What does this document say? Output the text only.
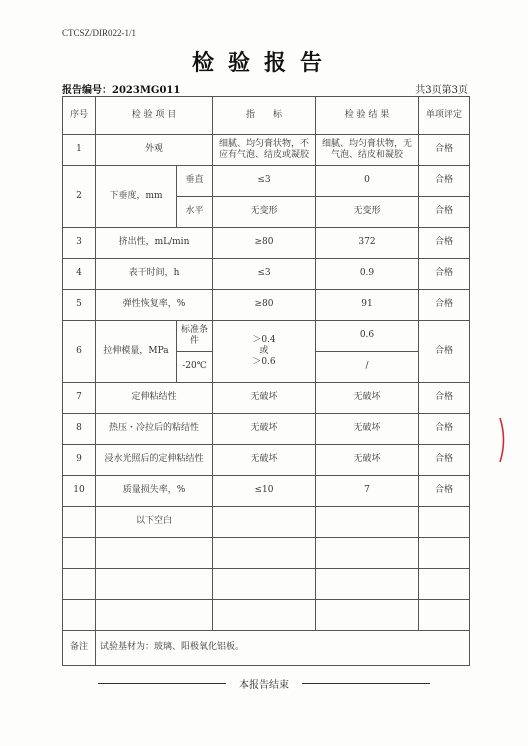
CTCSZ/DIR022-1/1
检验报告
报告编号：2023MG011	共3页第3页
序号	检 验 项 目		指　　标	检 验 结 果	单项评定
1	外观		细腻、均匀膏状物，不应有气泡、结皮或凝胶	细腻、均匀膏状物，无气泡、结皮和凝胶	合格
2	下垂度，mm	垂直	≤3	0	合格
		水平	无变形	无变形	合格
3	挤出性，mL/min		≥80	372	合格
4	表干时间，h		≤3	0.9	合格
5	弹性恢复率，%		≥80	91	合格
6	拉伸模量，MPa	标准条件	＞0.4
或
＞0.6	0.6	合格
		-20℃		/	
7	定伸粘结性		无破坏	无破坏	合格
8	热压・冷拉后的粘结性		无破坏	无破坏	合格
9	浸水光照后的定伸粘结性		无破坏	无破坏	合格
10	质量损失率，%		≤10	7	合格
	以下空白				

备注	试验基材为：玻璃、阳极氧化铝板。				
本报告结束
